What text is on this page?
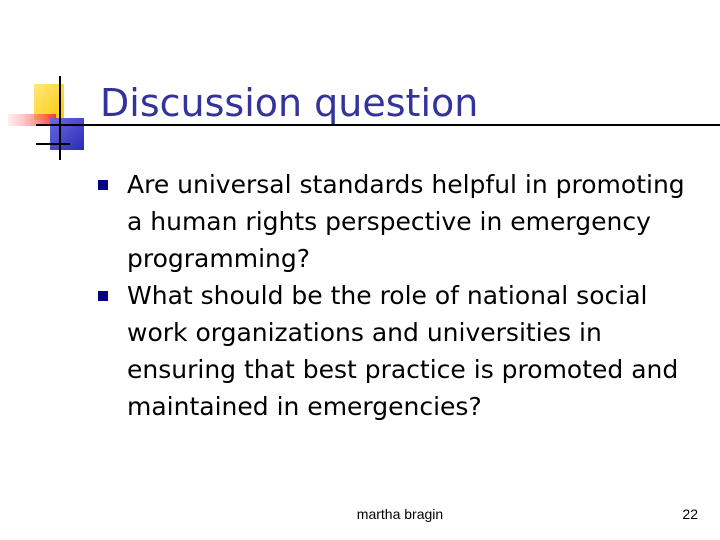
Discussion question
Are universal standards helpful in promoting a human rights perspective in emergency programming?
What should be the role of national social work organizations and universities in ensuring that best practice is promoted and maintained in emergencies?
martha bragin	22
